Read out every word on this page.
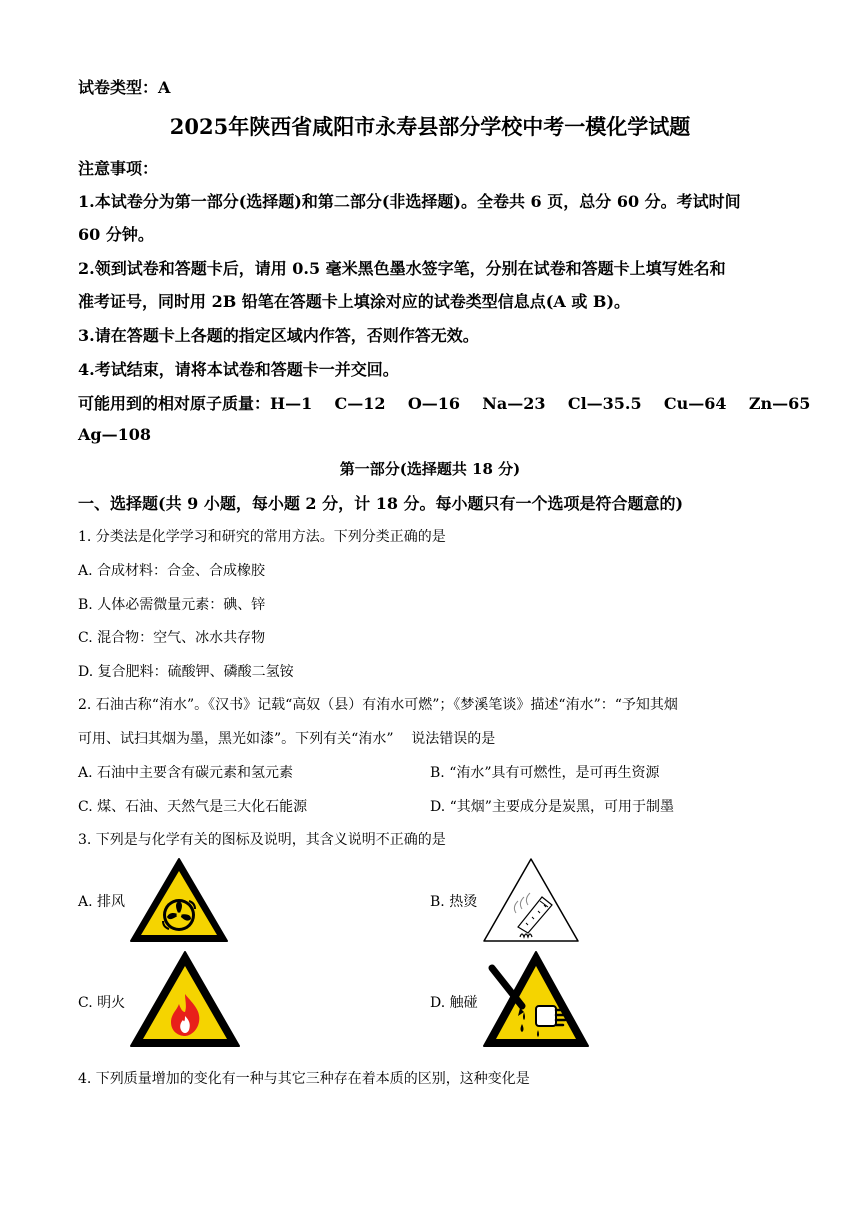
试卷类型：A
2025年陕西省咸阳市永寿县部分学校中考一模化学试题
注意事项：
1.本试卷分为第一部分(选择题)和第二部分(非选择题)。全卷共 6 页，总分 60 分。考试时间
60 分钟。
2.领到试卷和答题卡后，请用 0.5 毫米黑色墨水签字笔，分别在试卷和答题卡上填写姓名和
准考证号，同时用 2B 铅笔在答题卡上填涂对应的试卷类型信息点(A 或 B)。
3.请在答题卡上各题的指定区域内作答，否则作答无效。
4.考试结束，请将本试卷和答题卡一并交回。
可能用到的相对原子质量：H—1    C—12    O—16    Na—23    Cl—35.5    Cu—64    Zn—65
Ag—108
第一部分(选择题共 18 分)
一、选择题(共 9 小题，每小题 2 分，计 18 分。每小题只有一个选项是符合题意的)
1. 分类法是化学学习和研究的常用方法。下列分类正确的是
A. 合成材料：合金、合成橡胶
B. 人体必需微量元素：碘、锌
C. 混合物：空气、冰水共存物
D. 复合肥料：硫酸钾、磷酸二氢铵
2. 石油古称“洧水”。《汉书》记载“高奴（县）有洧水可燃”；《梦溪笔谈》描述“洧水”：“予知其烟
可用、试扫其烟为墨，黑光如漆”。下列有关“洧水”    说法错误的是
A. 石油中主要含有碳元素和氢元素	B. “洧水”具有可燃性，是可再生资源
C. 煤、石油、天然气是三大化石能源	D. “其烟”主要成分是炭黑，可用于制墨
3. 下列是与化学有关的图标及说明，其含义说明不正确的是
A. 排风	B. 热烫
C. 明火	D. 触碰
4. 下列质量增加的变化有一种与其它三种存在着本质的区别，这种变化是
